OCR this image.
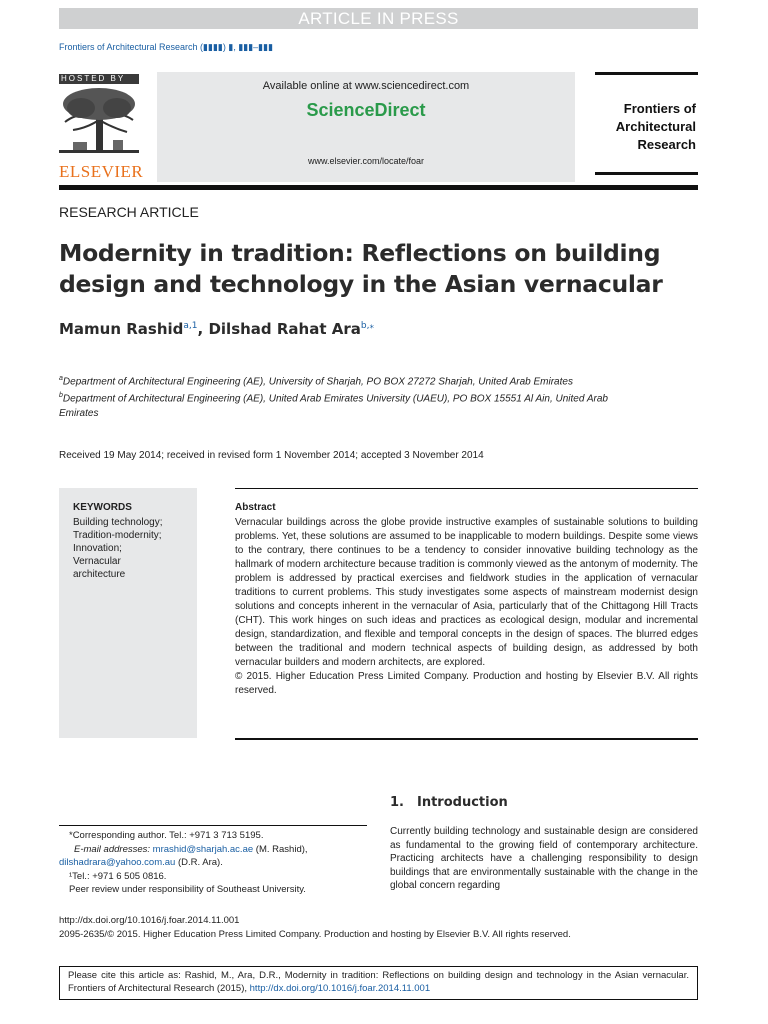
ARTICLE IN PRESS
Frontiers of Architectural Research (▮▮▮▮) ▮, ▮▮▮–▮▮▮
HOSTED BY
ELSEVIER
Available online at www.sciencedirect.com
ScienceDirect
www.elsevier.com/locate/foar
Frontiers of
Architectural
Research
RESEARCH ARTICLE
Modernity in tradition: Reflections on building design and technology in the Asian vernacular
Mamun Rashid$^{a,1}$, Dilshad Rahat Ara$^{b,⁎}$
$^a$Department of Architectural Engineering (AE), University of Sharjah, PO BOX 27272 Sharjah, United Arab Emirates
$^b$Department of Architectural Engineering (AE), United Arab Emirates University (UAEU), PO BOX 15551 Al Ain, United Arab Emirates
Received 19 May 2014; received in revised form 1 November 2014; accepted 3 November 2014
KEYWORDS
Building technology;
Tradition-modernity;
Innovation;
Vernacular
architecture
Abstract
Vernacular buildings across the globe provide instructive examples of sustainable solutions to building problems. Yet, these solutions are assumed to be inapplicable to modern buildings. Despite some views to the contrary, there continues to be a tendency to consider innovative building technology as the hallmark of modern architecture because tradition is commonly viewed as the antonym of modernity. The problem is addressed by practical exercises and fieldwork studies in the application of vernacular traditions to current problems. This study investigates some aspects of mainstream modernist design solutions and concepts inherent in the vernacular of Asia, particularly that of the Chittagong Hill Tracts (CHT). This work hinges on such ideas and practices as ecological design, modular and incremental design, standardization, and flexible and temporal concepts in the design of spaces. The blurred edges between the traditional and modern technical aspects of building design, as addressed by both vernacular builders and modern architects, are explored.
© 2015. Higher Education Press Limited Company. Production and hosting by Elsevier B.V. All rights reserved.
1. Introduction
Currently building technology and sustainable design are considered as fundamental to the growing field of contemporary architecture. Practicing architects have a challenging responsibility to design buildings that are environmentally sustainable with the change in the global concern regarding
*Corresponding author. Tel.: +971 3 713 5195.
E-mail addresses: mrashid@sharjah.ac.ae (M. Rashid),
dilshadrara@yahoo.com.au (D.R. Ara).
¹Tel.: +971 6 505 0816.
Peer review under responsibility of Southeast University.
http://dx.doi.org/10.1016/j.foar.2014.11.001
2095-2635/© 2015. Higher Education Press Limited Company. Production and hosting by Elsevier B.V. All rights reserved.
Please cite this article as: Rashid, M., Ara, D.R., Modernity in tradition: Reflections on building design and technology in the Asian vernacular. Frontiers of Architectural Research (2015), http://dx.doi.org/10.1016/j.foar.2014.11.001
